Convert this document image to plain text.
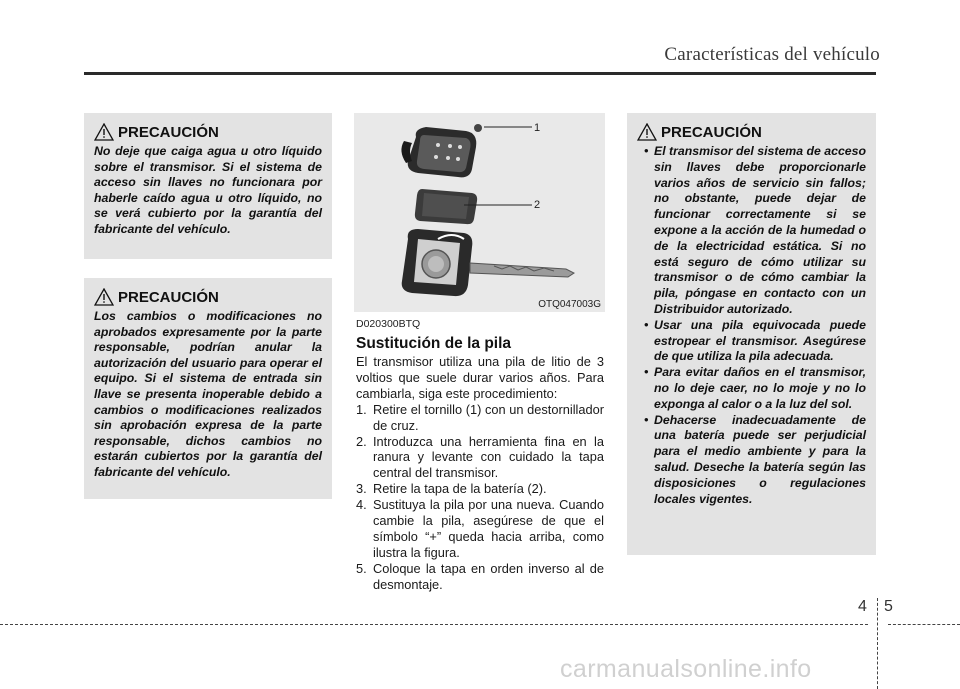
Características del vehículo
PRECAUCIÓN

No deje que caiga agua u otro líquido sobre el transmisor. Si el sistema de acceso sin llaves no funcionara por haberle caído agua u otro líquido, no se verá cubierto por la garantía del fabricante del vehículo.

PRECAUCIÓN

Los cambios o modificaciones no aprobados expresamente por la parte responsable, podrían anular la autorización del usuario para operar el equipo. Si el sistema de entrada sin llave se presenta inoperable debido a cambios o modificaciones realizados sin aprobación expresa de la parte responsable, dichos cambios no estarán cubiertos por la garantía del fabricante del vehículo.

1
2
OTQ047003G
D020300BTQ
Sustitución de la pila

El transmisor utiliza una pila de litio de 3 voltios que suele durar varios años. Para cambiarla, siga este procedimiento:

1. Retire el tornillo (1) con un destornillador de cruz.
2. Introduzca una herramienta fina en la ranura y levante con cuidado la tapa central del transmisor.
3. Retire la tapa de la batería (2).
4. Sustituya la pila por una nueva. Cuando cambie la pila, asegúrese de que el símbolo “+” queda hacia arriba, como ilustra la figura.
5. Coloque la tapa en orden inverso al de desmontaje.
PRECAUCIÓN
• El transmisor del sistema de acceso sin llaves debe proporcionarle varios años de servicio sin fallos; no obstante, puede dejar de funcionar correctamente si se expone a la acción de la humedad o de la electricidad estática. Si no está seguro de cómo utilizar su transmisor o de cómo cambiar la pila, póngase en contacto con un Distribuidor autorizado.
• Usar una pila equivocada puede estropear el transmisor. Asegúrese de que utiliza la pila adecuada.
• Para evitar daños en el transmisor, no lo deje caer, no lo moje y no lo exponga al calor o a la luz del sol.
• Dehacerse inadecuadamente de una batería puede ser perjudicial para el medio ambiente y para la salud. Deseche la batería según las disposiciones o regulaciones locales vigentes.
4 5
carmanualsonline.info
